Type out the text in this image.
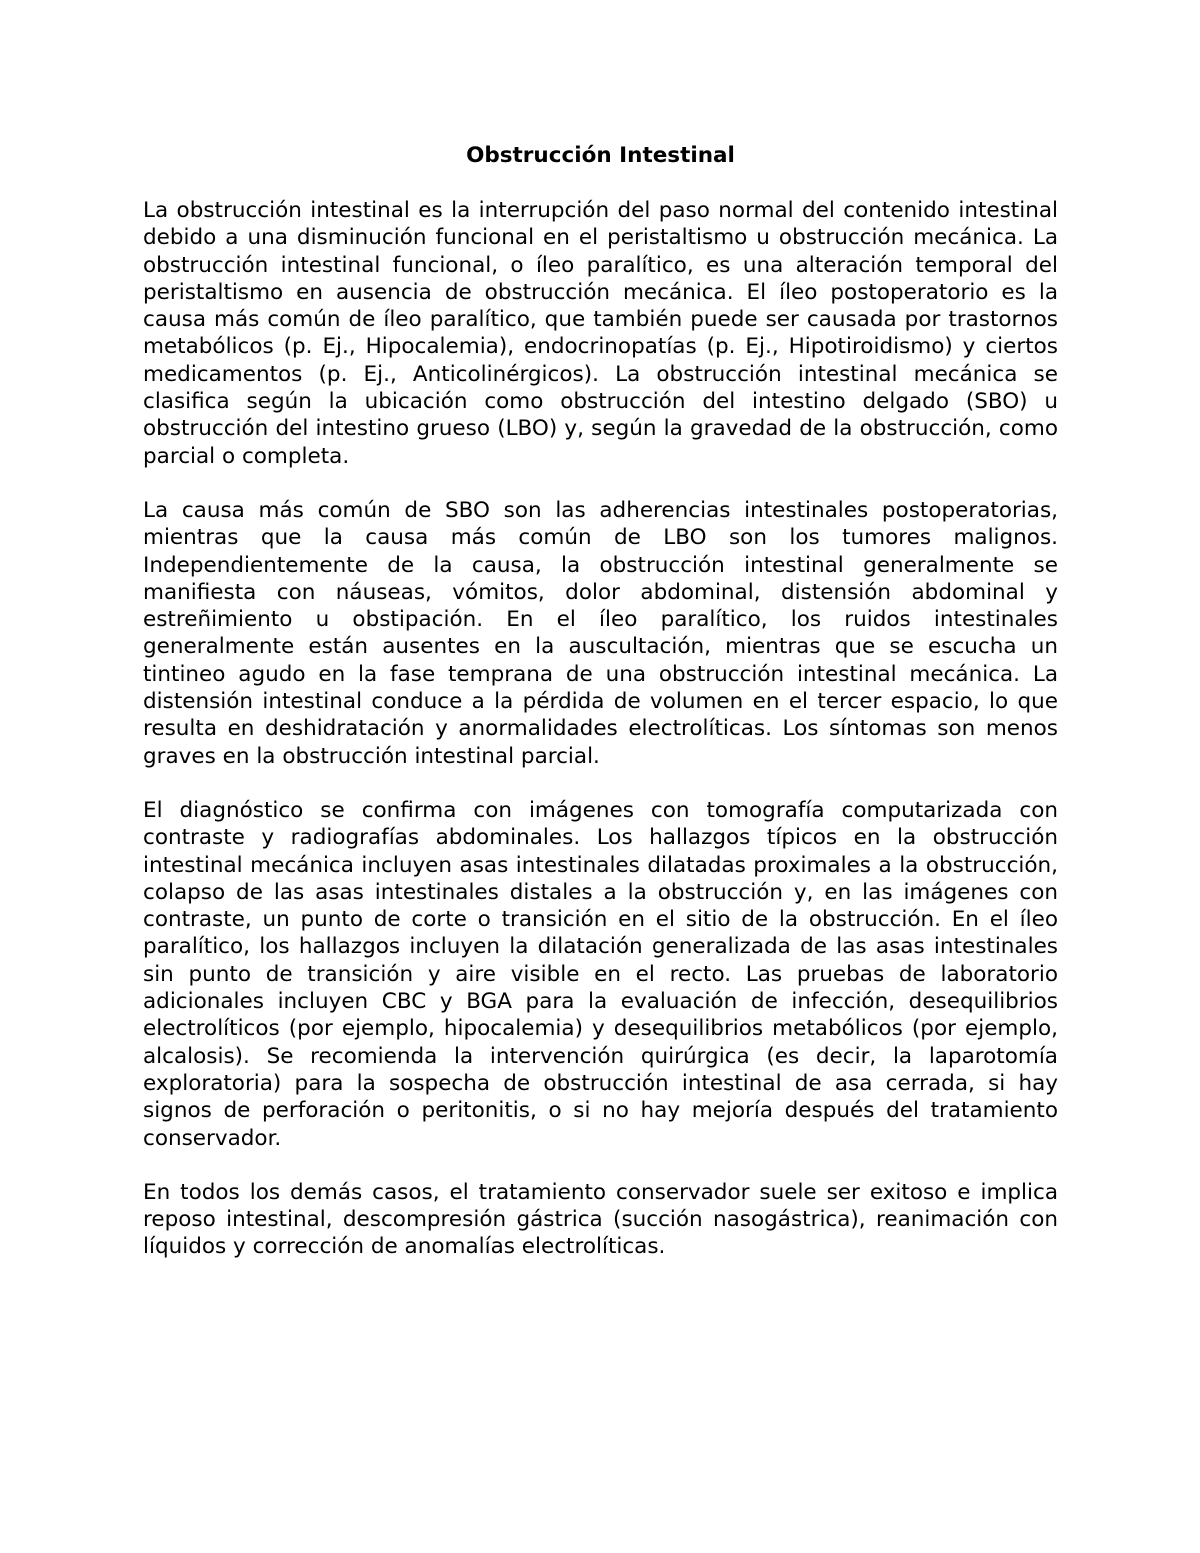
Obstrucción Intestinal

La obstrucción intestinal es la interrupción del paso normal del contenido intestinal debido a una disminución funcional en el peristaltismo u obstrucción mecánica. La obstrucción intestinal funcional, o íleo paralítico, es una alteración temporal del peristaltismo en ausencia de obstrucción mecánica. El íleo postoperatorio es la causa más común de íleo paralítico, que también puede ser causada por trastornos metabólicos (p. Ej., Hipocalemia), endocrinopatías (p. Ej., Hipotiroidismo) y ciertos medicamentos (p. Ej., Anticolinérgicos). La obstrucción intestinal mecánica se clasifica según la ubicación como obstrucción del intestino delgado (SBO) u obstrucción del intestino grueso (LBO) y, según la gravedad de la obstrucción, como parcial o completa.

La causa más común de SBO son las adherencias intestinales postoperatorias, mientras que la causa más común de LBO son los tumores malignos. Independientemente de la causa, la obstrucción intestinal generalmente se manifiesta con náuseas, vómitos, dolor abdominal, distensión abdominal y estreñimiento u obstipación. En el íleo paralítico, los ruidos intestinales generalmente están ausentes en la auscultación, mientras que se escucha un tintineo agudo en la fase temprana de una obstrucción intestinal mecánica. La distensión intestinal conduce a la pérdida de volumen en el tercer espacio, lo que resulta en deshidratación y anormalidades electrolíticas. Los síntomas son menos graves en la obstrucción intestinal parcial.

El diagnóstico se confirma con imágenes con tomografía computarizada con contraste y radiografías abdominales. Los hallazgos típicos en la obstrucción intestinal mecánica incluyen asas intestinales dilatadas proximales a la obstrucción, colapso de las asas intestinales distales a la obstrucción y, en las imágenes con contraste, un punto de corte o transición en el sitio de la obstrucción. En el íleo paralítico, los hallazgos incluyen la dilatación generalizada de las asas intestinales sin punto de transición y aire visible en el recto. Las pruebas de laboratorio adicionales incluyen CBC y BGA para la evaluación de infección, desequilibrios electrolíticos (por ejemplo, hipocalemia) y desequilibrios metabólicos (por ejemplo, alcalosis). Se recomienda la intervención quirúrgica (es decir, la laparotomía exploratoria) para la sospecha de obstrucción intestinal de asa cerrada, si hay signos de perforación o peritonitis, o si no hay mejoría después del tratamiento conservador.

En todos los demás casos, el tratamiento conservador suele ser exitoso e implica reposo intestinal, descompresión gástrica (succión nasogástrica), reanimación con líquidos y corrección de anomalías electrolíticas.
